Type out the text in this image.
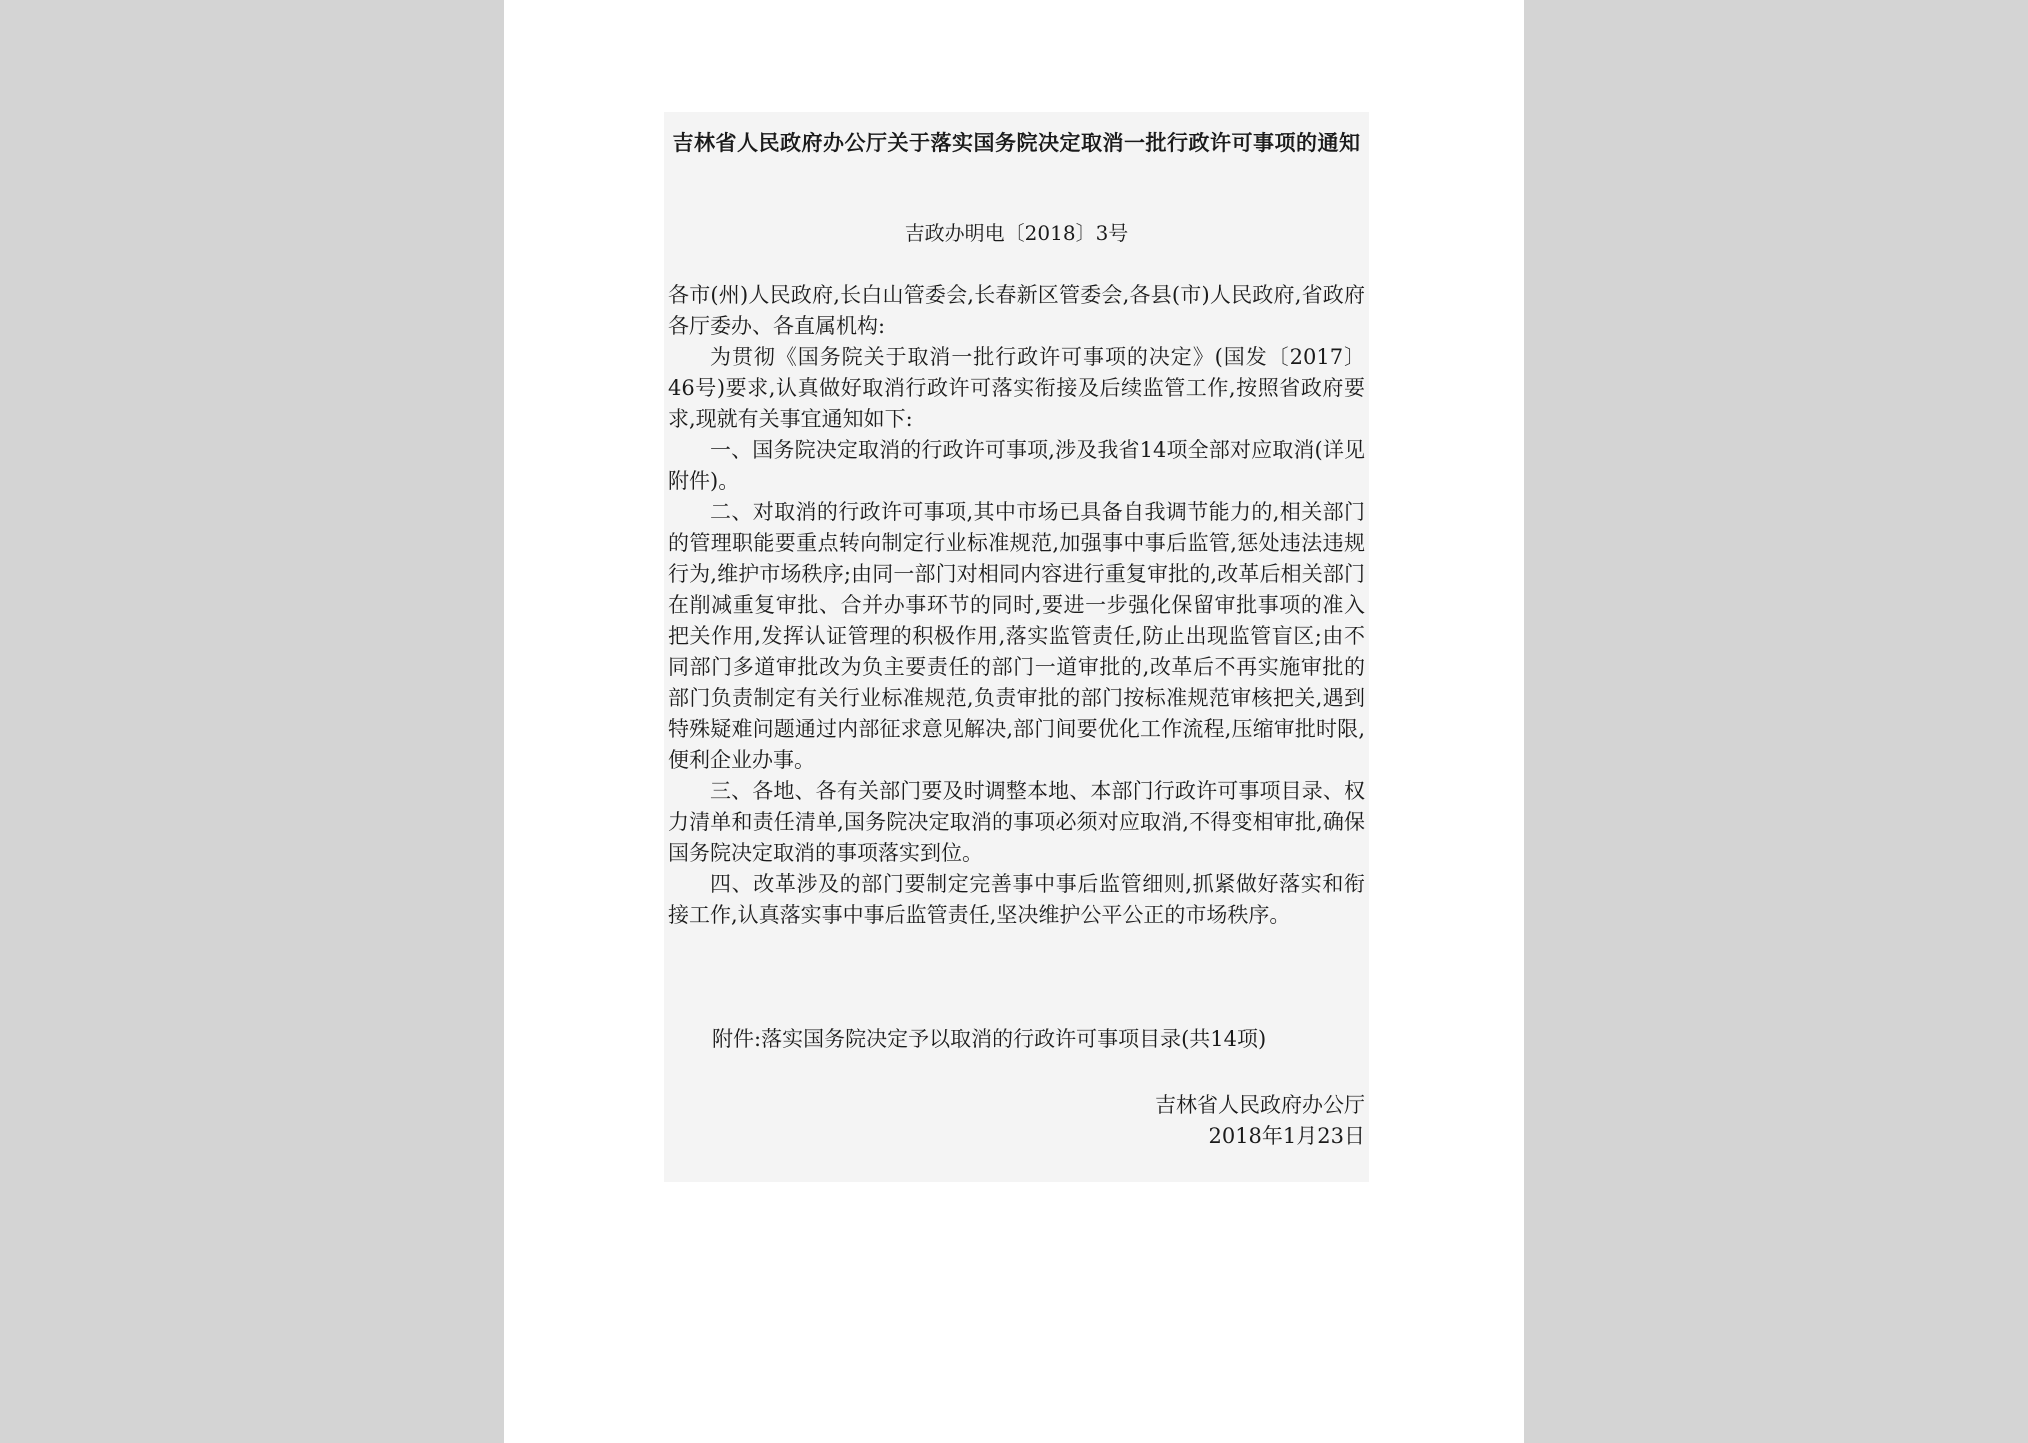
吉林省人民政府办公厅关于落实国务院决定取消一批行政许可事项的通知
吉政办明电〔2018〕3号

各市(州)人民政府,长白山管委会,长春新区管委会,各县(市)人民政府,省政府各厅委办、各直属机构:

为贯彻《国务院关于取消一批行政许可事项的决定》(国发〔2017〕46号)要求,认真做好取消行政许可落实衔接及后续监管工作,按照省政府要求,现就有关事宜通知如下:

一、国务院决定取消的行政许可事项,涉及我省14项全部对应取消(详见附件)。

二、对取消的行政许可事项,其中市场已具备自我调节能力的,相关部门的管理职能要重点转向制定行业标准规范,加强事中事后监管,惩处违法违规行为,维护市场秩序;由同一部门对相同内容进行重复审批的,改革后相关部门在削减重复审批、合并办事环节的同时,要进一步强化保留审批事项的准入把关作用,发挥认证管理的积极作用,落实监管责任,防止出现监管盲区;由不同部门多道审批改为负主要责任的部门一道审批的,改革后不再实施审批的部门负责制定有关行业标准规范,负责审批的部门按标准规范审核把关,遇到特殊疑难问题通过内部征求意见解决,部门间要优化工作流程,压缩审批时限,便利企业办事。

三、各地、各有关部门要及时调整本地、本部门行政许可事项目录、权力清单和责任清单,国务院决定取消的事项必须对应取消,不得变相审批,确保国务院决定取消的事项落实到位。

四、改革涉及的部门要制定完善事中事后监管细则,抓紧做好落实和衔接工作,认真落实事中事后监管责任,坚决维护公平公正的市场秩序。

附件:落实国务院决定予以取消的行政许可事项目录(共14项)
吉林省人民政府办公厅
2018年1月23日
